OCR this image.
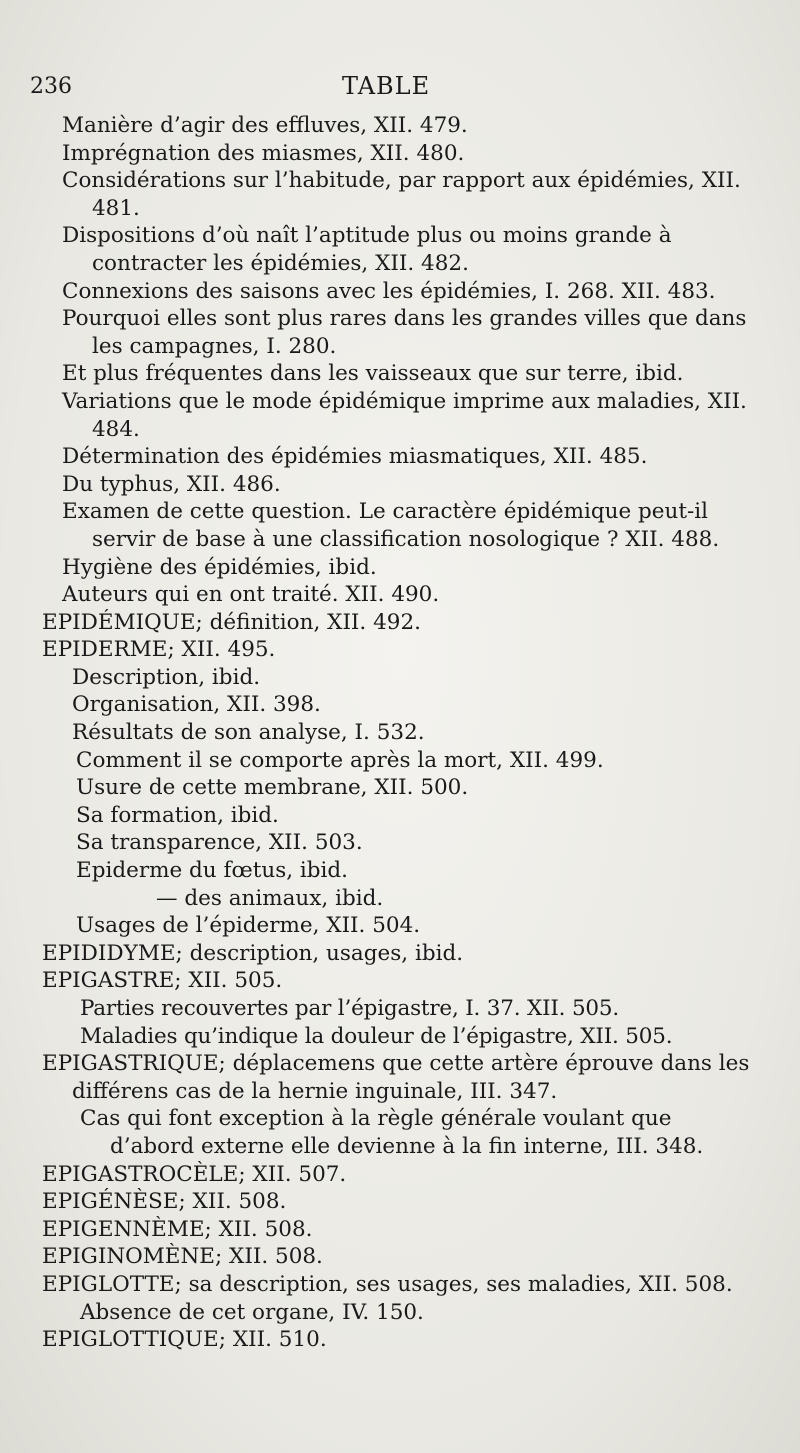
236	TABLE
Manière d’agir des effluves, XII. 479.
Imprégnation des miasmes, XII. 480.
Considérations sur l’habitude, par rapport aux épidémies, XII. 481.
Dispositions d’où naît l’aptitude plus ou moins grande à contracter les épidémies, XII. 482.
Connexions des saisons avec les épidémies, I. 268. XII. 483.
Pourquoi elles sont plus rares dans les grandes villes que dans les campagnes, I. 280.
Et plus fréquentes dans les vaisseaux que sur terre, ibid.
Variations que le mode épidémique imprime aux maladies, XII. 484.
Détermination des épidémies miasmatiques, XII. 485.
Du typhus, XII. 486.
Examen de cette question. Le caractère épidémique peut-il servir de base à une classification nosologique ? XII. 488.
Hygiène des épidémies, ibid.
Auteurs qui en ont traité. XII. 490.
EPIDÉMIQUE; définition, XII. 492.
EPIDERME; XII. 495.
Description, ibid.
Organisation, XII. 398.
Résultats de son analyse, I. 532.
Comment il se comporte après la mort, XII. 499.
Usure de cette membrane, XII. 500.
Sa formation, ibid.
Sa transparence, XII. 503.
Epiderme du fœtus, ibid.
— des animaux, ibid.
Usages de l’épiderme, XII. 504.
EPIDIDYME; description, usages, ibid.
EPIGASTRE; XII. 505.
Parties recouvertes par l’épigastre, I. 37. XII. 505.
Maladies qu’indique la douleur de l’épigastre, XII. 505.
EPIGASTRIQUE; déplacemens que cette artère éprouve dans les différens cas de la hernie inguinale, III. 347.
Cas qui font exception à la règle générale voulant que d’abord externe elle devienne à la fin interne, III. 348.
EPIGASTROCÈLE; XII. 507.
EPIGÉNÈSE; XII. 508.
EPIGENNÈME; XII. 508.
EPIGINOMÈNE; XII. 508.
EPIGLOTTE; sa description, ses usages, ses maladies, XII. 508.
Absence de cet organe, IV. 150.
EPIGLOTTIQUE; XII. 510.
